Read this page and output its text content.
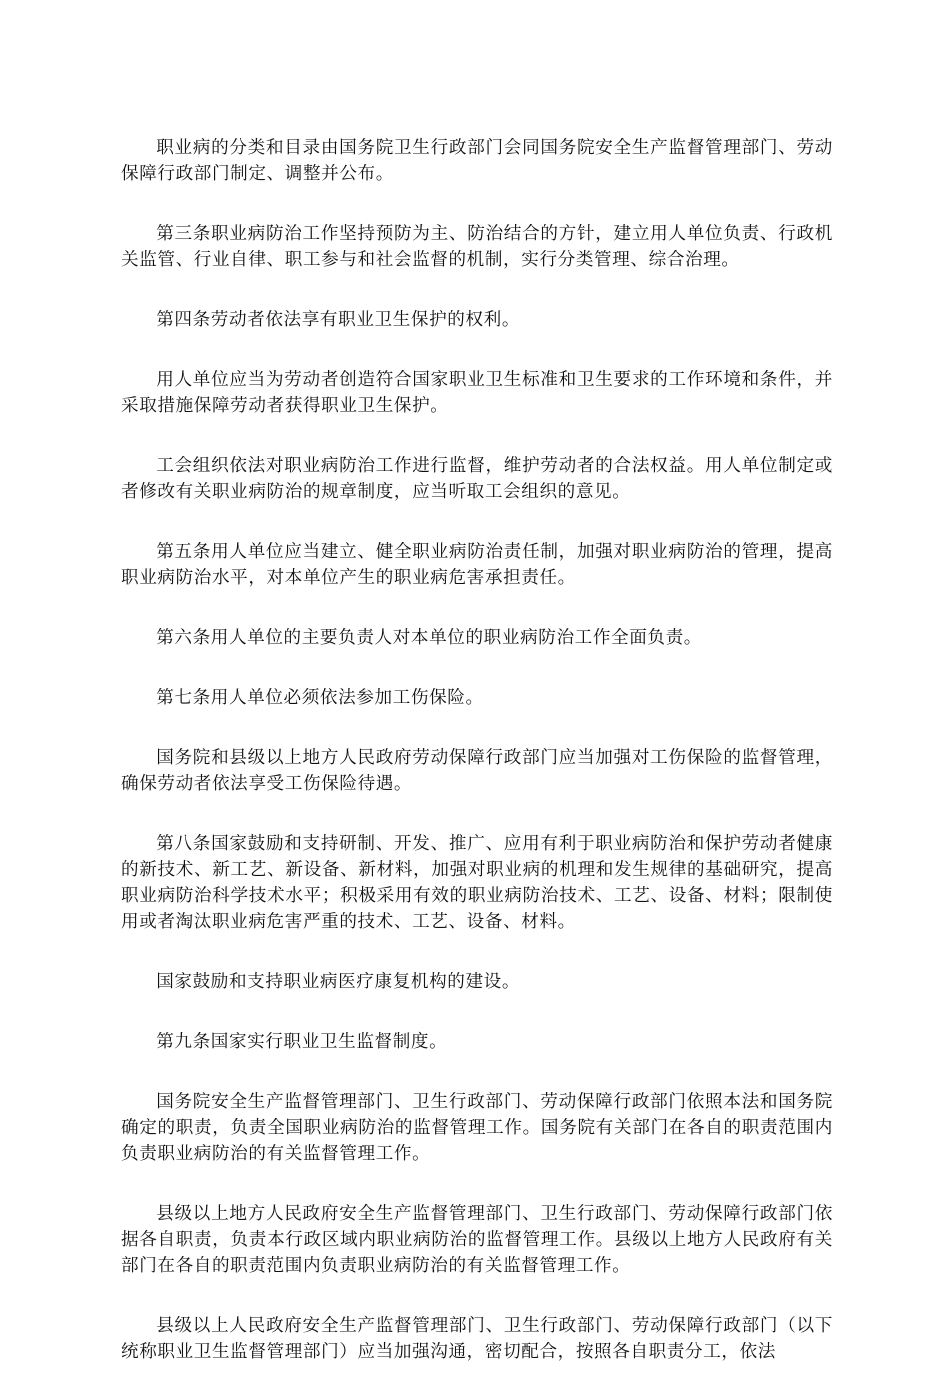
职业病的分类和目录由国务院卫生行政部门会同国务院安全生产监督管理部门、劳动保障行政部门制定、调整并公布。

第三条职业病防治工作坚持预防为主、防治结合的方针，建立用人单位负责、行政机关监管、行业自律、职工参与和社会监督的机制，实行分类管理、综合治理。

第四条劳动者依法享有职业卫生保护的权利。

用人单位应当为劳动者创造符合国家职业卫生标准和卫生要求的工作环境和条件，并采取措施保障劳动者获得职业卫生保护。

工会组织依法对职业病防治工作进行监督，维护劳动者的合法权益。用人单位制定或者修改有关职业病防治的规章制度，应当听取工会组织的意见。

第五条用人单位应当建立、健全职业病防治责任制，加强对职业病防治的管理，提高职业病防治水平，对本单位产生的职业病危害承担责任。

第六条用人单位的主要负责人对本单位的职业病防治工作全面负责。

第七条用人单位必须依法参加工伤保险。

国务院和县级以上地方人民政府劳动保障行政部门应当加强对工伤保险的监督管理，确保劳动者依法享受工伤保险待遇。

第八条国家鼓励和支持研制、开发、推广、应用有利于职业病防治和保护劳动者健康的新技术、新工艺、新设备、新材料，加强对职业病的机理和发生规律的基础研究，提高职业病防治科学技术水平；积极采用有效的职业病防治技术、工艺、设备、材料；限制使用或者淘汰职业病危害严重的技术、工艺、设备、材料。

国家鼓励和支持职业病医疗康复机构的建设。

第九条国家实行职业卫生监督制度。

国务院安全生产监督管理部门、卫生行政部门、劳动保障行政部门依照本法和国务院确定的职责，负责全国职业病防治的监督管理工作。国务院有关部门在各自的职责范围内负责职业病防治的有关监督管理工作。

县级以上地方人民政府安全生产监督管理部门、卫生行政部门、劳动保障行政部门依据各自职责，负责本行政区域内职业病防治的监督管理工作。县级以上地方人民政府有关部门在各自的职责范围内负责职业病防治的有关监督管理工作。

县级以上人民政府安全生产监督管理部门、卫生行政部门、劳动保障行政部门（以下统称职业卫生监督管理部门）应当加强沟通，密切配合，按照各自职责分工，依法
